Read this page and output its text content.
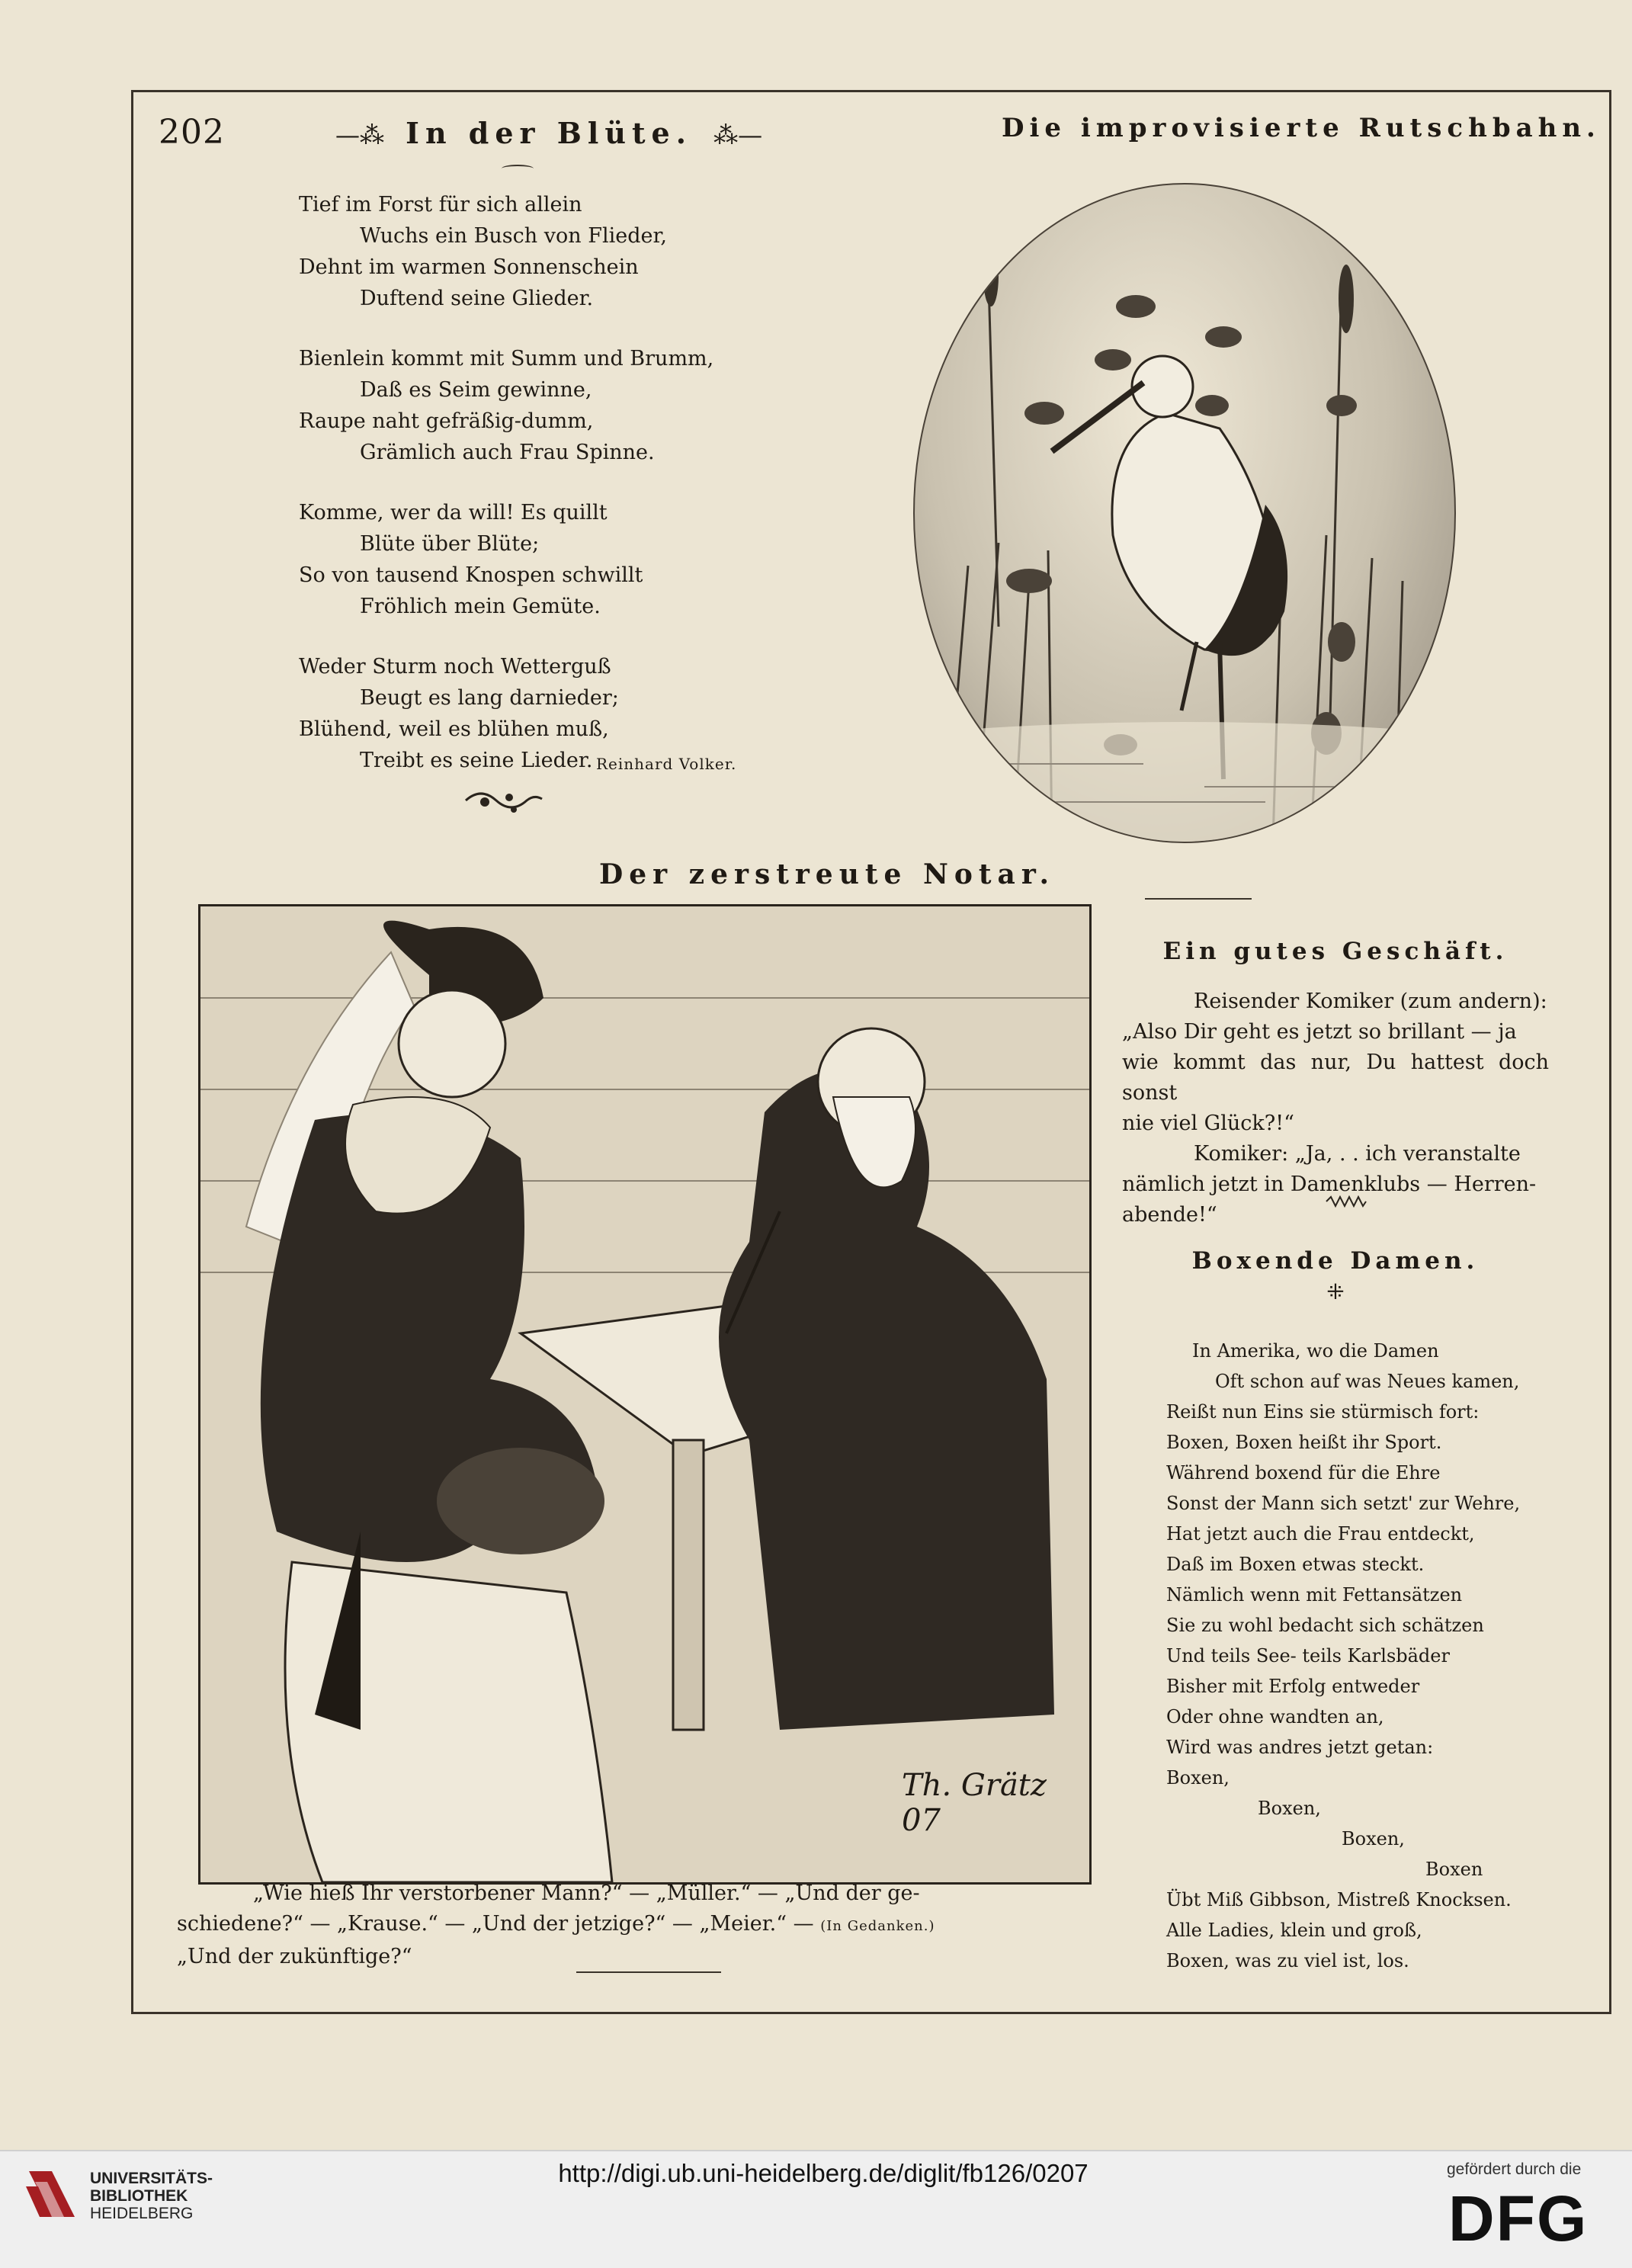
202	—⁂ In der Blüte. ⁂—
Tief im Forst für sich allein
Wuchs ein Busch von Flieder,
Dehnt im warmen Sonnenschein
Duftend seine Glieder.
Bienlein kommt mit Summ und Brumm,
Daß es Seim gewinne,
Raupe naht gefräßig-dumm,
Grämlich auch Frau Spinne.
Komme, wer da will! Es quillt
Blüte über Blüte;
So von tausend Knospen schwillt
Fröhlich mein Gemüte.
Weder Sturm noch Wetterguß
Beugt es lang darnieder;
Blühend, weil es blühen muß,
Treibt es seine Lieder. Reinhard Volker.
Die improvisierte Rutschbahn.
Der zerstreute Notar.
Th. Grätz 07
„Wie hieß Ihr verstorbener Mann?“ — „Müller.“ — „Und der ge-
schiedene?“ — „Krause.“ — „Und der jetzige?“ — „Meier.“ — (In Gedanken.)
„Und der zukünftige?“
Ein gutes Geschäft.
Reisender Komiker (zum andern):
„Also Dir geht es jetzt so brillant — ja
wie kommt das nur, Du hattest doch sonst
nie viel Glück?!“
Komiker: „Ja, . . ich veranstalte
nämlich jetzt in Damenklubs — Herren-
abende!“
Boxende Damen.
⁜
In Amerika, wo die Damen
Oft schon auf was Neues kamen,
Reißt nun Eins sie stürmisch fort:
Boxen, Boxen heißt ihr Sport.
Während boxend für die Ehre
Sonst der Mann sich setzt' zur Wehre,
Hat jetzt auch die Frau entdeckt,
Daß im Boxen etwas steckt.
Nämlich wenn mit Fettansätzen
Sie zu wohl bedacht sich schätzen
Und teils See- teils Karlsbäder
Bisher mit Erfolg entweder
Oder ohne wandten an,
Wird was andres jetzt getan:
Boxen,
Boxen,
Boxen,
Boxen
Übt Miß Gibbson, Mistreß Knocksen.
Alle Ladies, klein und groß,
Boxen, was zu viel ist, los.
UNIVERSITÄTS-
BIBLIOTHEK
HEIDELBERG
http://digi.ub.uni-heidelberg.de/diglit/fb126/0207	gefördert durch die
DFG
